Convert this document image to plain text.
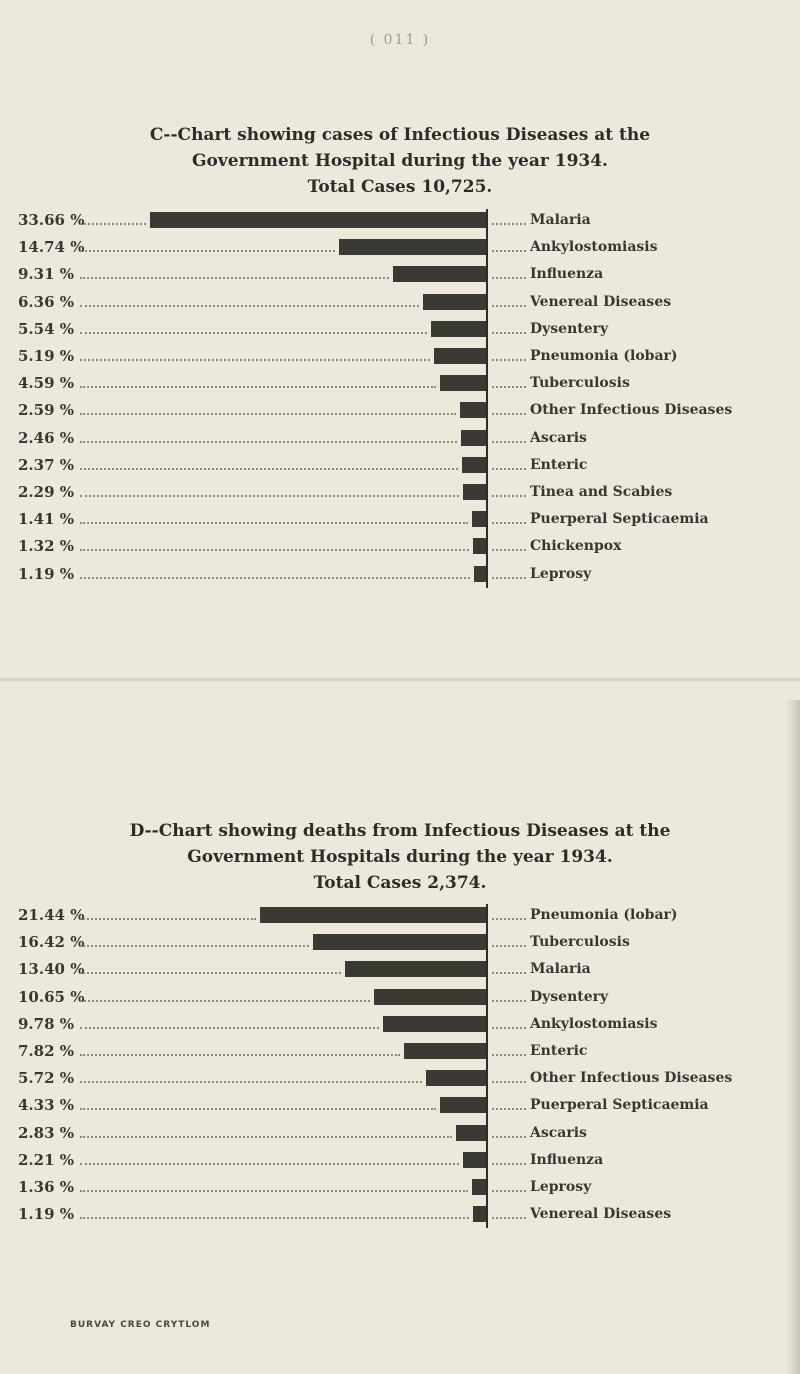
( 011 )
C--Chart showing cases of Infectious Diseases at the
Government Hospital during the year 1934.
Total Cases 10,725.
33.66 %	Malaria
14.74 %	Ankylostomiasis
9.31 %	Influenza
6.36 %	Venereal Diseases
5.54 %	Dysentery
5.19 %	Pneumonia (lobar)
4.59 %	Tuberculosis
2.59 %	Other Infectious Diseases
2.46 %	Ascaris
2.37 %	Enteric
2.29 %	Tinea and Scabies
1.41 %	Puerperal Septicaemia
1.32 %	Chickenpox
1.19 %	Leprosy
D--Chart showing deaths from Infectious Diseases at the
Government Hospitals during the year 1934.
Total Cases 2,374.
21.44 %	Pneumonia (lobar)
16.42 %	Tuberculosis
13.40 %	Malaria
10.65 %	Dysentery
9.78 %	Ankylostomiasis
7.82 %	Enteric
5.72 %	Other Infectious Diseases
4.33 %	Puerperal Septicaemia
2.83 %	Ascaris
2.21 %	Influenza
1.36 %	Leprosy
1.19 %	Venereal Diseases
BURVAY CREO CRYTLOM
